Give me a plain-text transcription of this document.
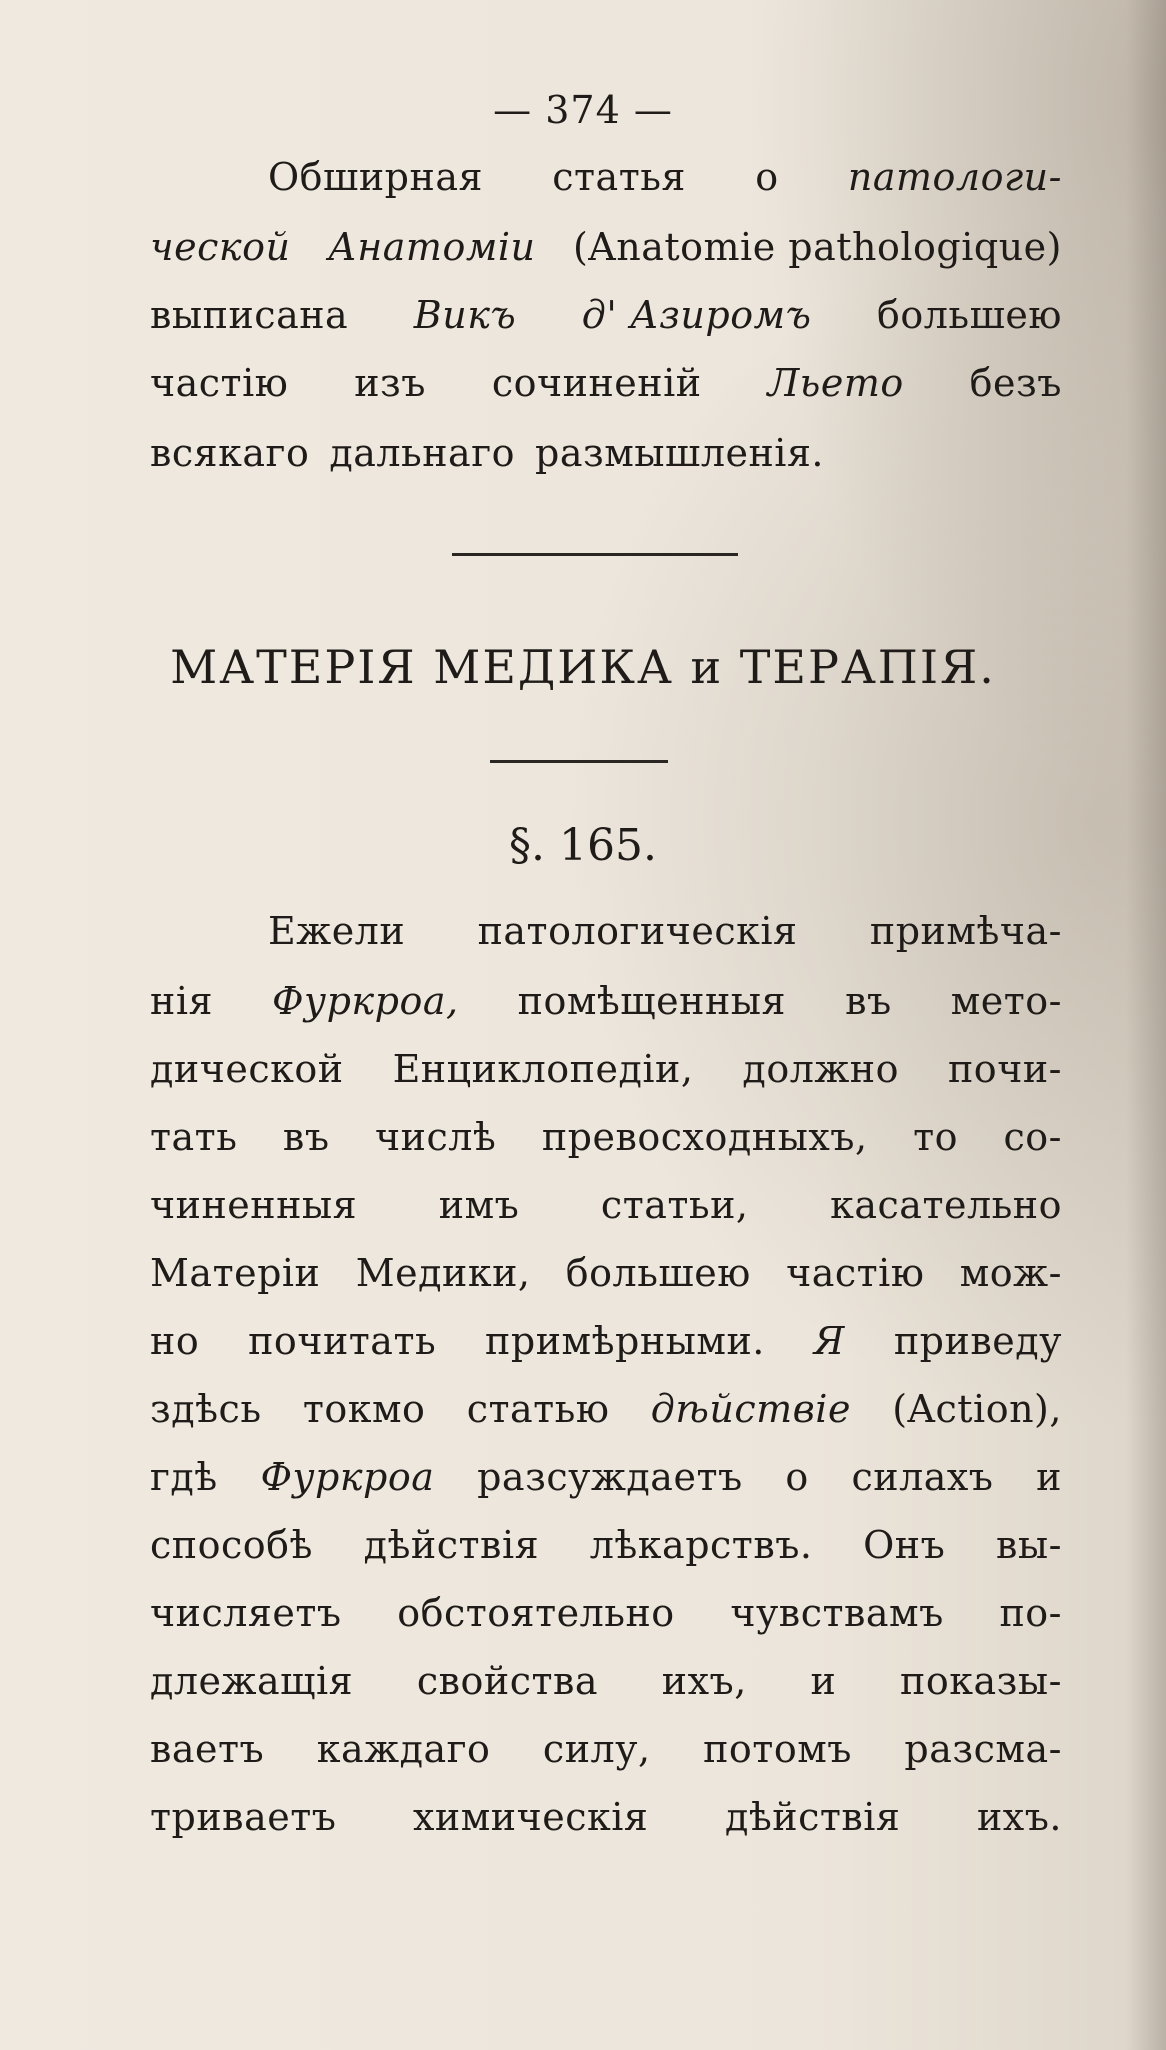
— 374 —
Обширная статья о патологи-
ческой Анатоміи (Anatomie pathologique)
выписана Викъ д' Азиромъ большею
частію изъ сочиненій Льето безъ
всякаго дальнаго размышленія.
МАТЕРІЯ МЕДИКА и ТЕРАПІЯ.
§. 165.
Ежели патологическія примѣча-
нія Фуркроа, помѣщенныя въ мето-
дической Енциклопедіи, должно почи-
тать въ числѣ превосходныхъ, то со-
чиненныя имъ статьи, касательно
Матеріи Медики, большею частію мож-
но почитать примѣрными. Я приведу
здѣсь токмо статью дѣйствіе (Action),
гдѣ Фуркроа разсуждаетъ о силахъ и
способѣ дѣйствія лѣкарствъ. Онъ вы-
числяетъ обстоятельно чувствамъ по-
длежащія свойства ихъ, и показы-
ваетъ каждаго силу, потомъ разсма-
триваетъ химическія дѣйствія ихъ.
